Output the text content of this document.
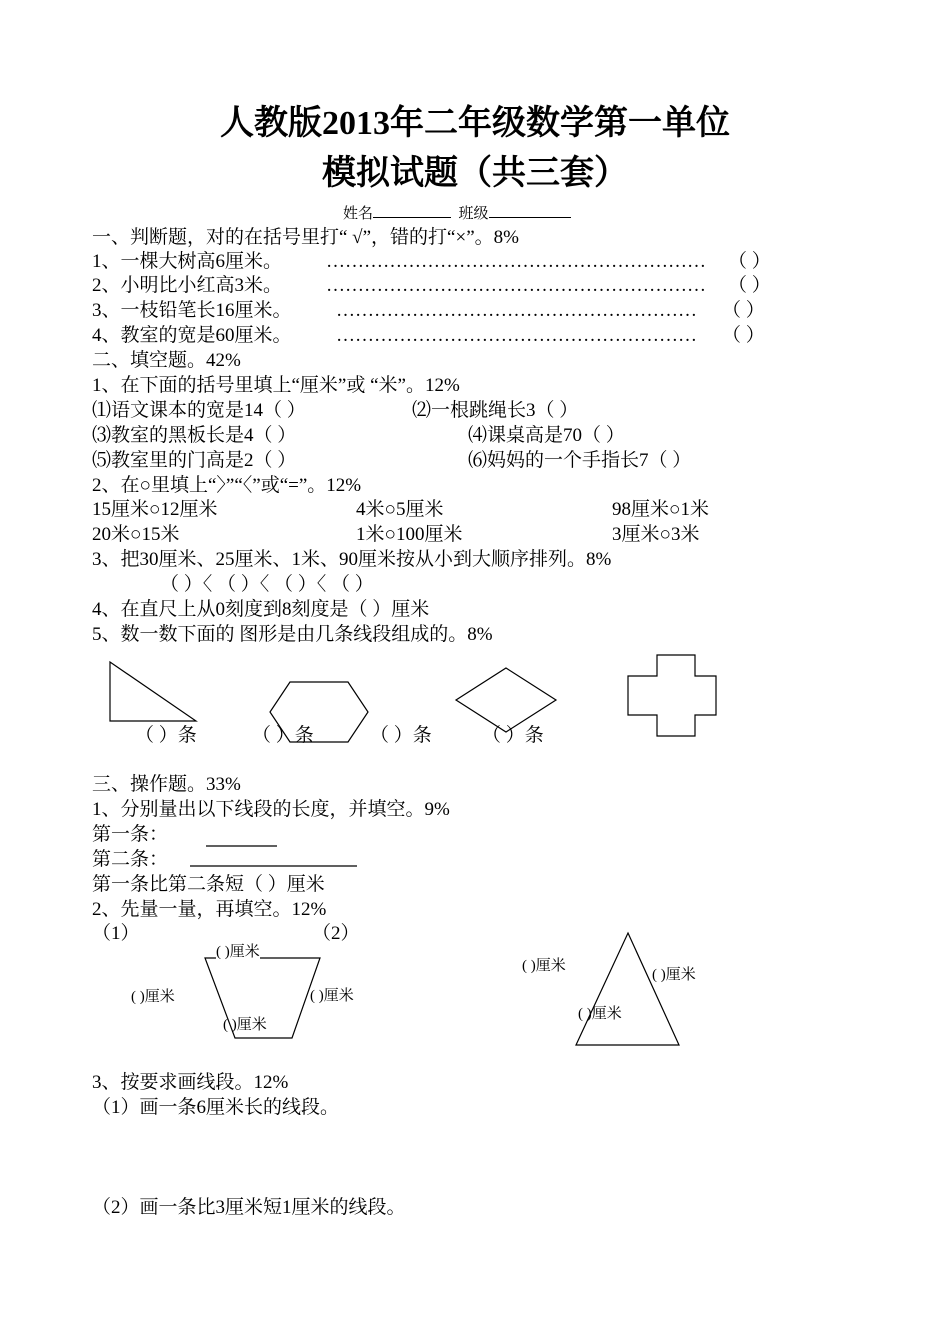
人教版2013年二年级数学第一单位
模拟试题（共三套）
姓名	班级
一、判断题，对的在括号里打“ √”，错的打“×”。8%
1、一棵大树高6厘米。 …………………………………………………… （ ）
2、小明比小红高3米。 …………………………………………………… （ ）
3、一枝铅笔长16厘米。 ………………………………………………… （ ）
4、教室的宽是60厘米。 ………………………………………………… （ ）
二、填空题。42%
1、在下面的括号里填上“厘米”或 “米”。12%
⑴语文课本的宽是14（ ）	⑵一根跳绳长3（ ）
⑶教室的黑板长是4（ ）	⑷课桌高是70（ ）
⑸教室里的门高是2（ ）	⑹妈妈的一个手指长7（ ）
2、在○里填上“〉”“〈”或“=”。12%
15厘米○12厘米	4米○5厘米	98厘米○1米
20米○15米	1米○100厘米	3厘米○3米
3、把30厘米、25厘米、1米、90厘米按从小到大顺序排列。8%
（ ）〈 （ ）〈 （ ）〈 （ ）
4、在直尺上从0刻度到8刻度是（ ）厘米
5、数一数下面的 图形是由几条线段组成的。8%
（ ）条	（ ）条	（ ）条	（ ）条
三、操作题。33%
1、分别量出以下线段的长度，并填空。9%
第一条：
第二条：
第一条比第二条短（ ）厘米
2、先量一量，再填空。12%
（1）	（2）
( )厘米
( )厘米	( )厘米
( )厘米
( )厘米
( )厘米
( )厘米
3、按要求画线段。12%
（1）画一条6厘米长的线段。
（2）画一条比3厘米短1厘米的线段。
